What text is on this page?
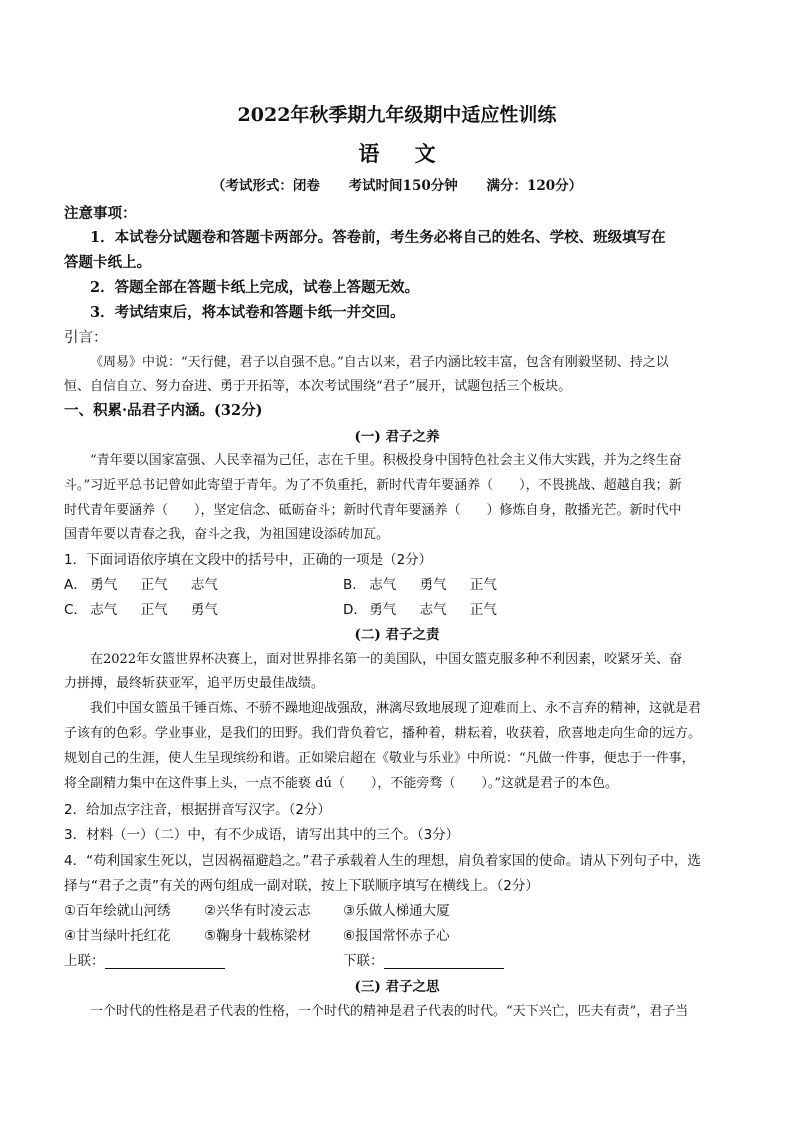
2022年秋季期九年级期中适应性训练
语 文
（考试形式：闭卷 考试时间150分钟 满分：120分）
注意事项：
1．本试卷分试题卷和答题卡两部分。答卷前，考生务必将自己的姓名、学校、班级填写在
答题卡纸上。
2．答题全部在答题卡纸上完成，试卷上答题无效。
3．考试结束后，将本试卷和答题卡纸一并交回。
引言：
《周易》中说：“天行健，君子以自强不息。”自古以来，君子内涵比较丰富，包含有刚毅坚韧、持之以
恒、自信自立、努力奋进、勇于开拓等，本次考试围绕“君子”展开，试题包括三个板块。
一、积累·品君子内涵。(32分)
(一) 君子之养
“青年要以国家富强、人民幸福为己任，志在千里。积极投身中国特色社会主义伟大实践，并为之终生奋
斗。”习近平总书记曾如此寄望于青年。为了不负重托，新时代青年要涵养（　　），不畏挑战、超越自我；新
时代青年要涵养（　　），坚定信念、砥砺奋斗；新时代青年要涵养（　　）修炼自身，散播光芒。新时代中
国青年要以青春之我，奋斗之我，为祖国建设添砖加瓦。
1．下面词语依序填在文段中的括号中，正确的一项是（2分）
A． 勇气 正气 志气	B． 志气 勇气 正气
C． 志气 正气 勇气	D． 勇气 志气 正气
(二) 君子之责
在2022年女篮世界杯决赛上，面对世界排名第一的美国队，中国女篮克服多种不利因素，咬紧牙关、奋
力拼搏，最终斩获亚军，追平历史最佳战绩。
我们中国女篮虽千锤百炼、不骄不躁地迎战强敌，淋漓尽致地展现了迎难而上、永不言弃的精神，这就是君
子该有的色彩。学业事业，是我们的田野。我们背负着它，播种着，耕耘着，收获着，欣喜地走向生命的远方。
规划自己的生涯，使人生呈现缤纷和谐。正如梁启超在《敬业与乐业》中所说：“凡做一件事，便忠于一件事，
将全副精力集中在这件事上头，一点不能亵 dú（　　），不能旁骛（　　）。”这就是君子的本色。
2．给加点字注音，根据拼音写汉字。（2分）
3．材料（一）（二）中，有不少成语，请写出其中的三个。（3分）
4．“苟利国家生死以，岂因祸福避趋之。”君子承载着人生的理想，肩负着家国的使命。请从下列句子中，选
择与“君子之责”有关的两句组成一副对联，按上下联顺序填写在横线上。（2分）
①百年绘就山河绣 ②兴华有时凌云志 ③乐做人梯通大厦
④甘当绿叶托红花 ⑤鞠身十载栋梁材 ⑥报国常怀赤子心
上联：	下联：
(三) 君子之思
一个时代的性格是君子代表的性格，一个时代的精神是君子代表的时代。“天下兴亡，匹夫有责”，君子当
